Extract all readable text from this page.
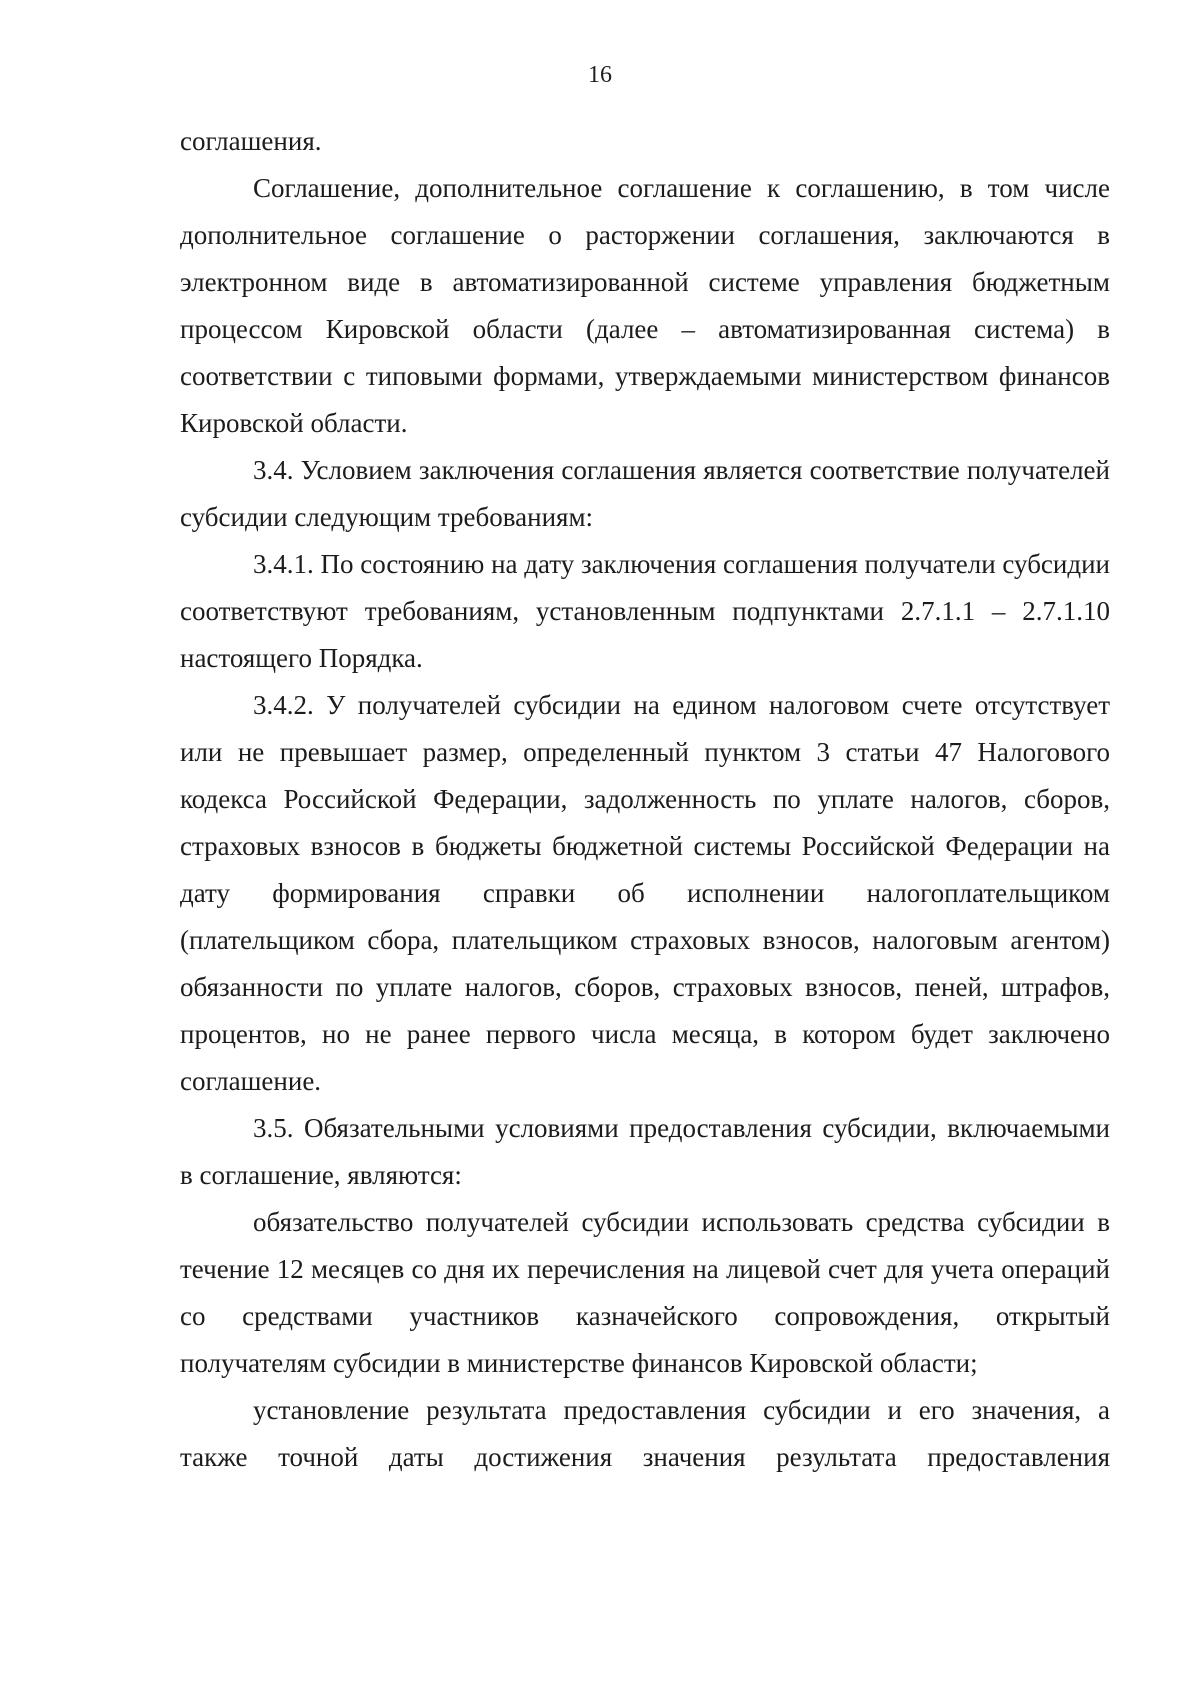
16

соглашения.

Соглашение, дополнительное соглашение к соглашению, в том числе дополнительное соглашение о расторжении соглашения, заключаются в электронном виде в автоматизированной системе управления бюджетным процессом Кировской области (далее – автоматизированная система) в соответствии с типовыми формами, утверждаемыми министерством финансов Кировской области.

3.4. Условием заключения соглашения является соответствие получателей субсидии следующим требованиям:

3.4.1. По состоянию на дату заключения соглашения получатели субсидии соответствуют требованиям, установленным подпунктами 2.7.1.1 – 2.7.1.10 настоящего Порядка.

3.4.2. У получателей субсидии на едином налоговом счете отсутствует или не превышает размер, определенный пунктом 3 статьи 47 Налогового кодекса Российской Федерации, задолженность по уплате налогов, сборов, страховых взносов в бюджеты бюджетной системы Российской Федерации на дату формирования справки об исполнении налогоплательщиком (плательщиком сбора, плательщиком страховых взносов, налоговым агентом) обязанности по уплате налогов, сборов, страховых взносов, пеней, штрафов, процентов, но не ранее первого числа месяца, в котором будет заключено соглашение.

3.5. Обязательными условиями предоставления субсидии, включаемыми в соглашение, являются:

обязательство получателей субсидии использовать средства субсидии в течение 12 месяцев со дня их перечисления на лицевой счет для учета операций со средствами участников казначейского сопровождения, открытый получателям субсидии в министерстве финансов Кировской области;

установление результата предоставления субсидии и его значения, а также точной даты достижения значения результата предоставления
